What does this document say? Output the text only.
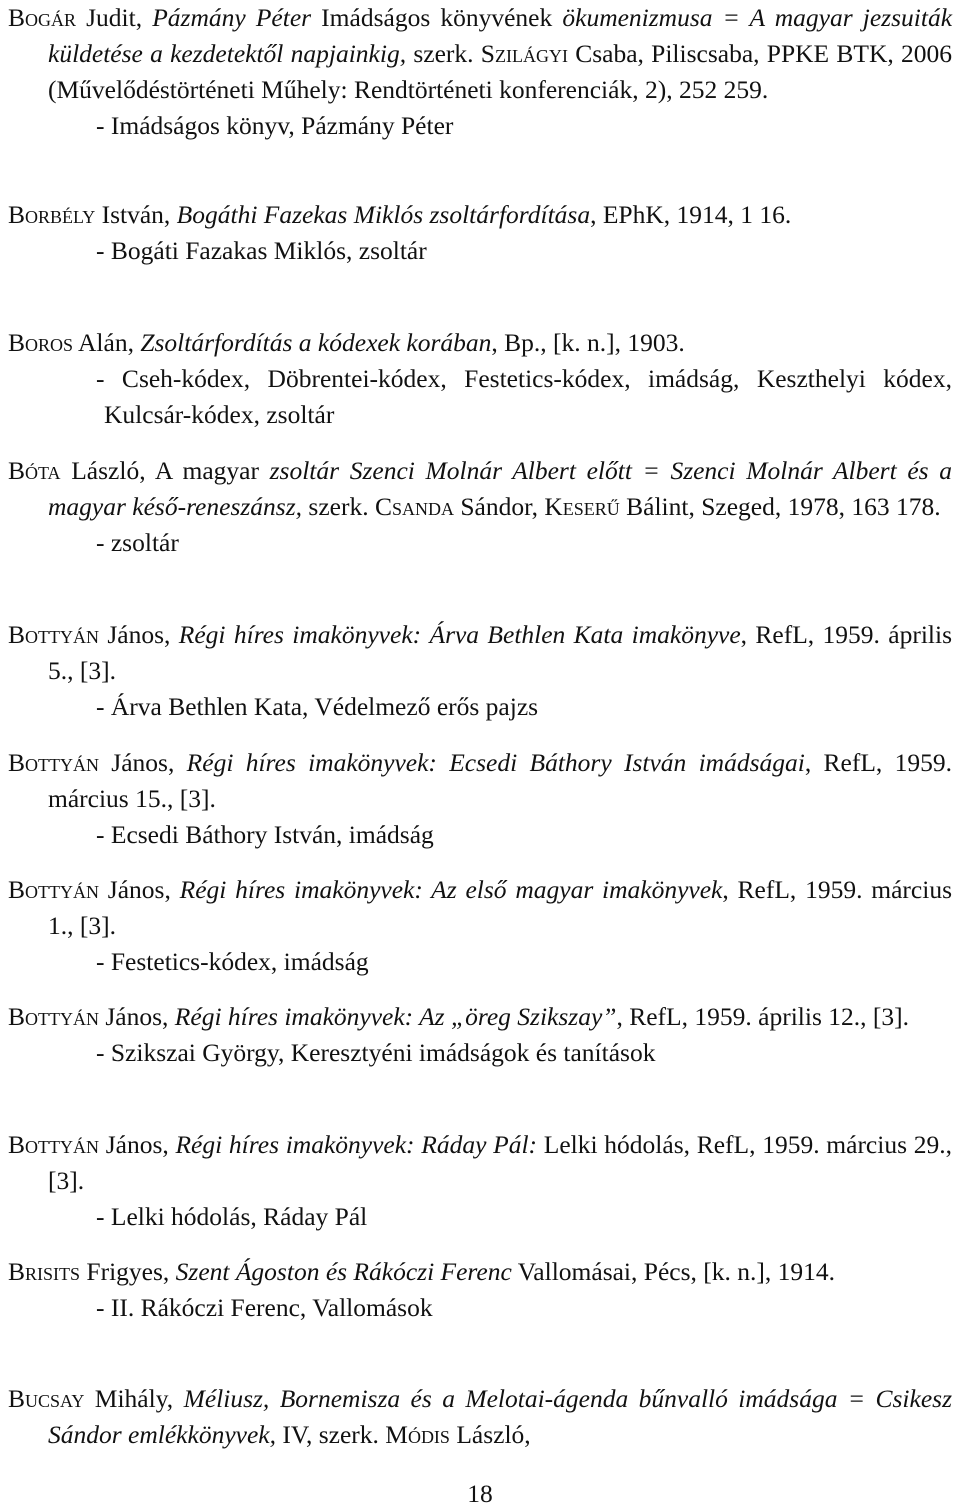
Bogár Judit, Pázmány Péter Imádságos könyvének ökumenizmusa = A magyar jezsuiták küldetése a kezdetektől napjainkig, szerk. Szilágyi Csaba, Piliscsaba, PPKE BTK, 2006 (Művelődéstörténeti Műhely: Rendtörténeti konferenciák, 2), 252 259.
- Imádságos könyv, Pázmány Péter
Borbély István, Bogáthi Fazekas Miklós zsoltárfordítása, EPhK, 1914, 1 16.
- Bogáti Fazakas Miklós, zsoltár
Boros Alán, Zsoltárfordítás a kódexek korában, Bp., [k. n.], 1903.
- Cseh-kódex, Döbrentei-kódex, Festetics-kódex, imádság, Keszthelyi kódex, Kulcsár-kódex, zsoltár
Bóta László, A magyar zsoltár Szenci Molnár Albert előtt = Szenci Molnár Albert és a magyar késő-reneszánsz, szerk. Csanda Sándor, Keserű Bálint, Szeged, 1978, 163 178.
- zsoltár
Bottyán János, Régi híres imakönyvek: Árva Bethlen Kata imakönyve, RefL, 1959. április 5., [3].
- Árva Bethlen Kata, Védelmező erős pajzs
Bottyán János, Régi híres imakönyvek: Ecsedi Báthory István imádságai, RefL, 1959. március 15., [3].
- Ecsedi Báthory István, imádság
Bottyán János, Régi híres imakönyvek: Az első magyar imakönyvek, RefL, 1959. március 1., [3].
- Festetics-kódex, imádság
Bottyán János, Régi híres imakönyvek: Az „öreg Szikszay”, RefL, 1959. április 12., [3].
- Szikszai György, Keresztyéni imádságok és tanítások
Bottyán János, Régi híres imakönyvek: Ráday Pál: Lelki hódolás, RefL, 1959. március 29., [3].
- Lelki hódolás, Ráday Pál
Brisits Frigyes, Szent Ágoston és Rákóczi Ferenc Vallomásai, Pécs, [k. n.], 1914.
- II. Rákóczi Ferenc, Vallomások
Bucsay Mihály, Méliusz, Bornemisza és a Melotai-ágenda bűnvalló imádsága = Csikesz Sándor emlékkönyvek, IV, szerk. Módis László,
18
